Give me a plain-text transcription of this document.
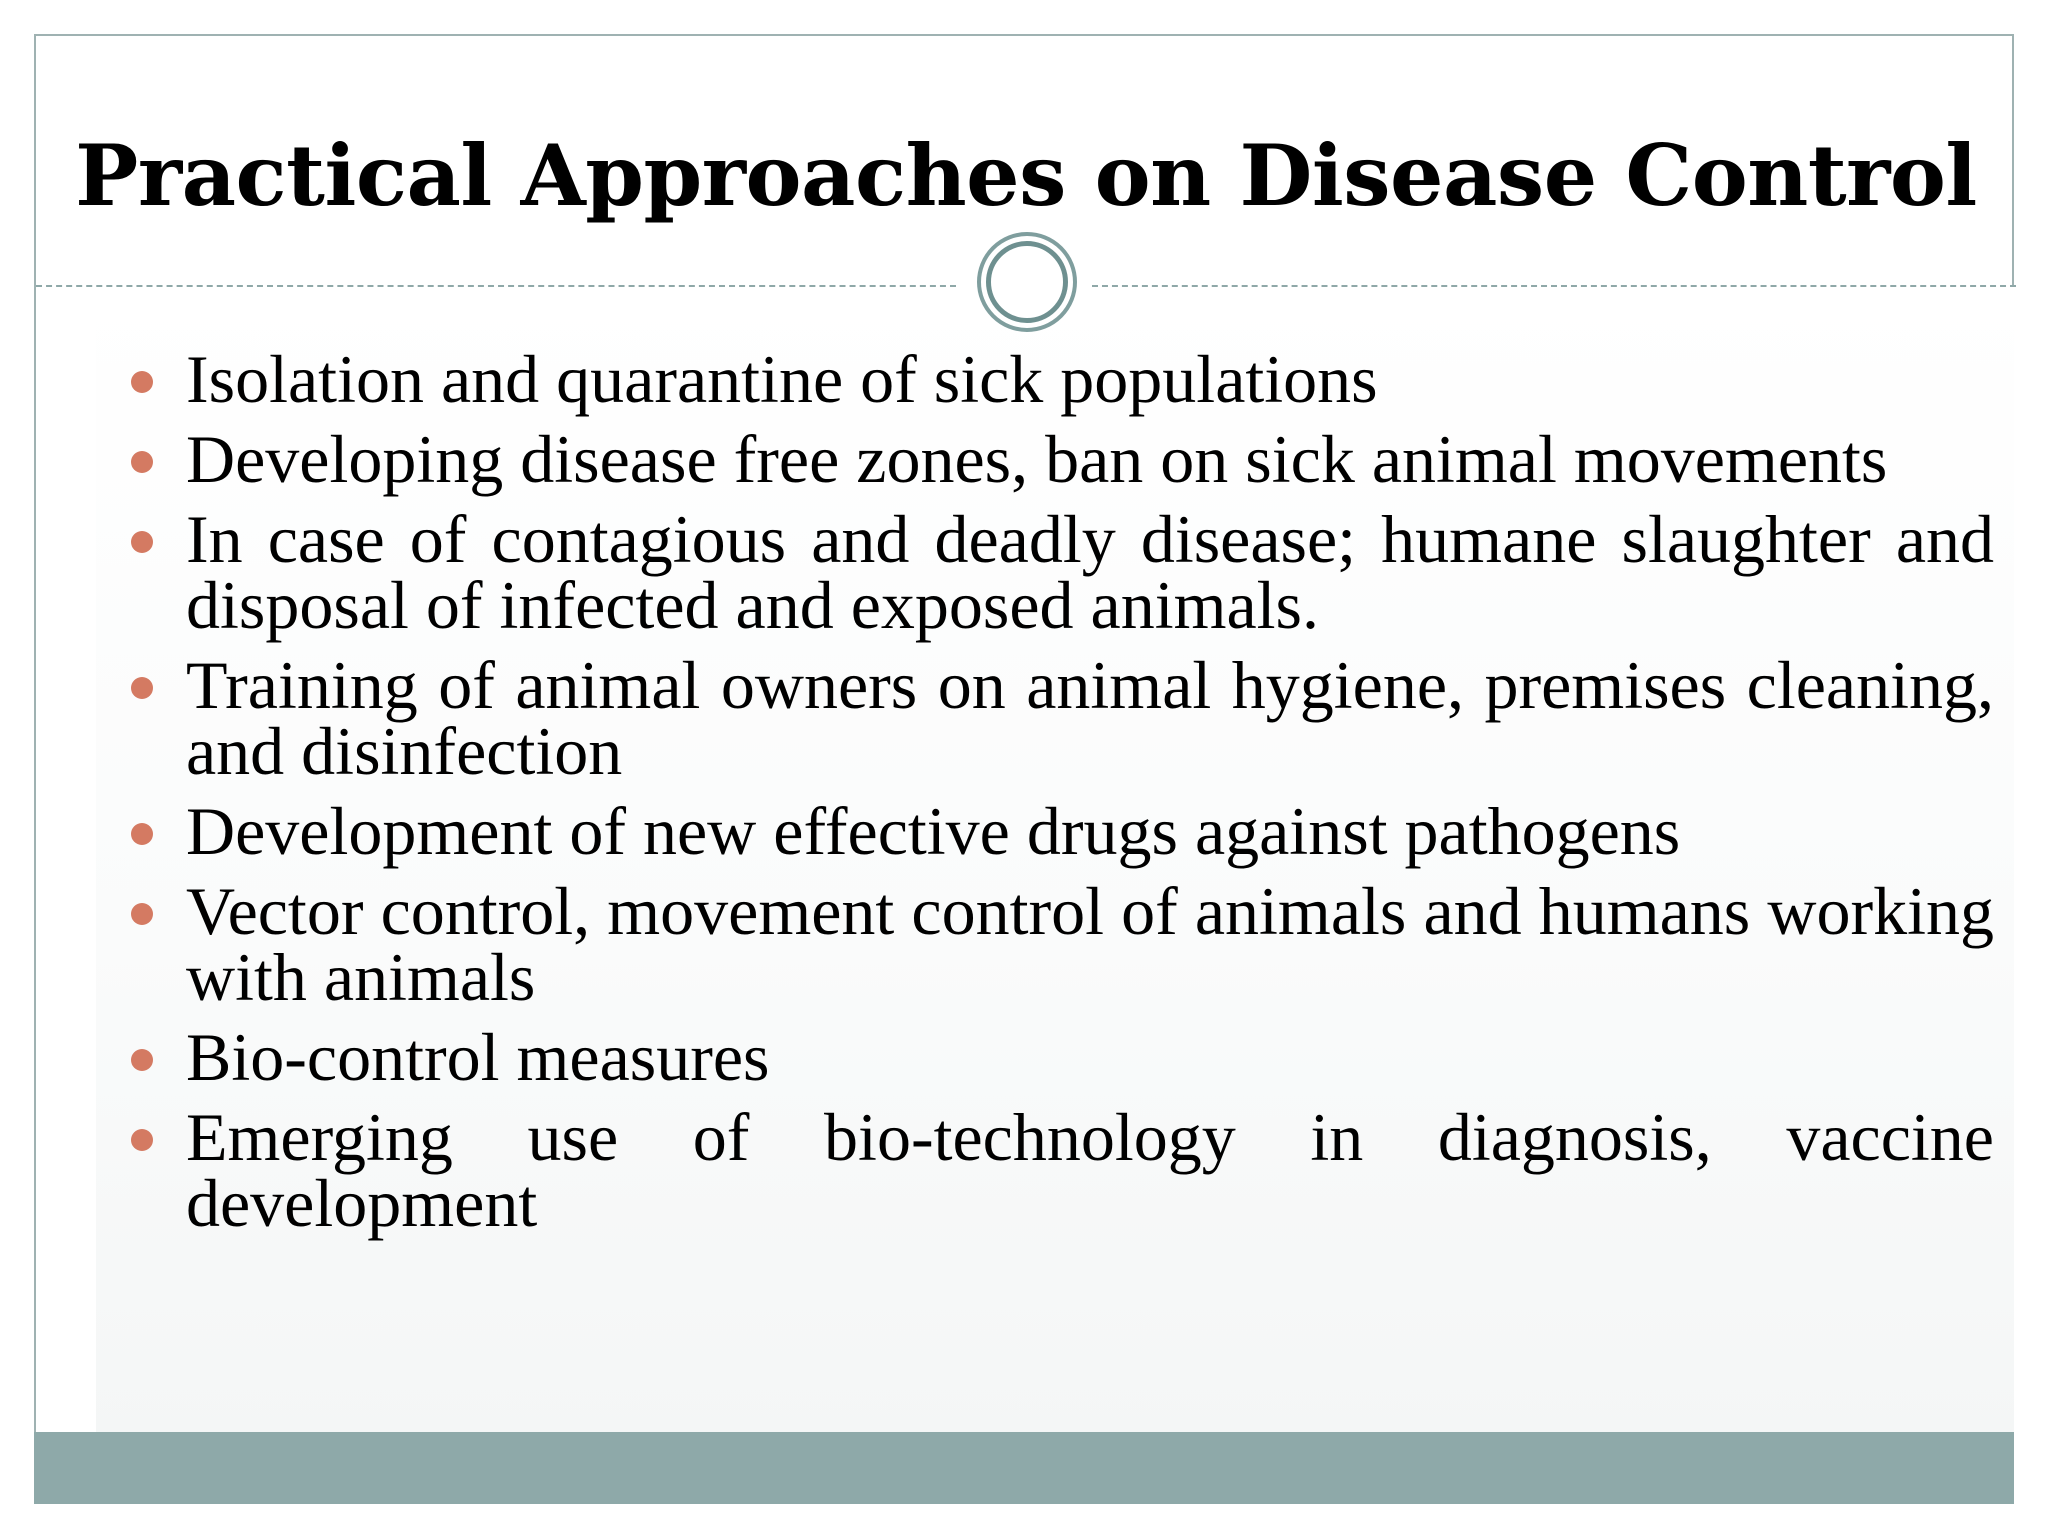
Practical Approaches on Disease Control
Isolation and quarantine of sick populations
Developing disease free zones, ban on sick animal movements
In case of contagious and deadly disease; humane slaughter and disposal of infected and exposed animals.
Training of animal owners on animal hygiene, premises cleaning, and disinfection
Development of new effective drugs against pathogens
Vector control, movement control of animals and humans working with animals
Bio-control measures
Emerging use of bio-technology in diagnosis, vaccine development
